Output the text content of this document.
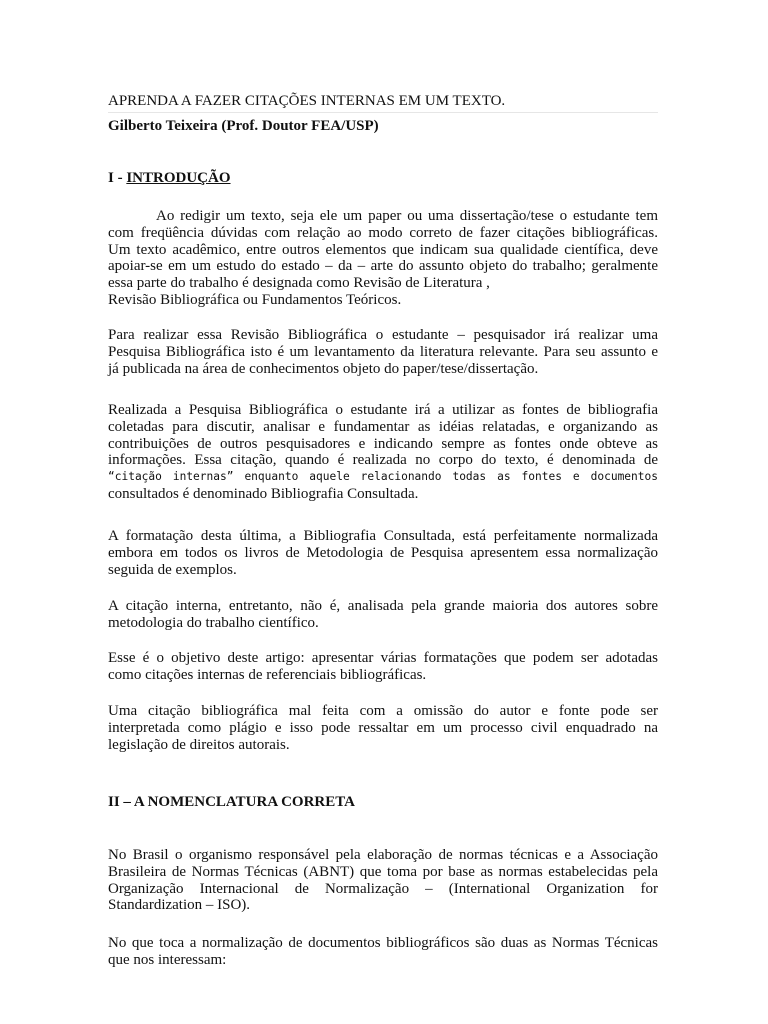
APRENDA A FAZER CITAÇÕES INTERNAS EM UM TEXTO.
Gilberto Teixeira (Prof. Doutor FEA/USP)
I - INTRODUÇÃO
Ao redigir um texto, seja ele um paper ou uma dissertação/tese o estudante tem
com freqüência dúvidas com relação ao modo correto de fazer citações bibliográficas.
Um texto acadêmico, entre outros elementos que indicam sua qualidade científica, deve
apoiar-se em um estudo do estado – da – arte do assunto objeto do trabalho; geralmente
essa parte do trabalho é designada como Revisão de Literatura ,
Revisão Bibliográfica ou Fundamentos Teóricos.
Para realizar essa Revisão Bibliográfica o estudante – pesquisador irá realizar uma
Pesquisa Bibliográfica isto é um levantamento da literatura relevante. Para seu assunto e
já publicada na área de conhecimentos objeto do paper/tese/dissertação.
Realizada a Pesquisa Bibliográfica o estudante irá a utilizar as fontes de bibliografia
coletadas para discutir, analisar e fundamentar as idéias relatadas, e organizando as
contribuições de outros pesquisadores e indicando sempre as fontes onde obteve as
informações. Essa citação, quando é realizada no corpo do texto, é denominada de
“citação internas” enquanto aquele relacionando todas as fontes e documentos
consultados é denominado Bibliografia Consultada.
A formatação desta última, a Bibliografia Consultada, está perfeitamente normalizada
embora em todos os livros de Metodologia de Pesquisa apresentem essa normalização
seguida de exemplos.
A citação interna, entretanto, não é, analisada pela grande maioria dos autores sobre
metodologia do trabalho científico.
Esse é o objetivo deste artigo: apresentar várias formatações que podem ser adotadas
como citações internas de referenciais bibliográficas.
Uma citação bibliográfica mal feita com a omissão do autor e fonte pode ser
interpretada como plágio e isso pode ressaltar em um processo civil enquadrado na
legislação de direitos autorais.
II – A NOMENCLATURA CORRETA
No Brasil o organismo responsável pela elaboração de normas técnicas e a Associação
Brasileira de Normas Técnicas (ABNT) que toma por base as normas estabelecidas pela
Organização Internacional de Normalização – (International Organization for
Standardization – ISO).
No que toca a normalização de documentos bibliográficos são duas as Normas Técnicas
que nos interessam:
